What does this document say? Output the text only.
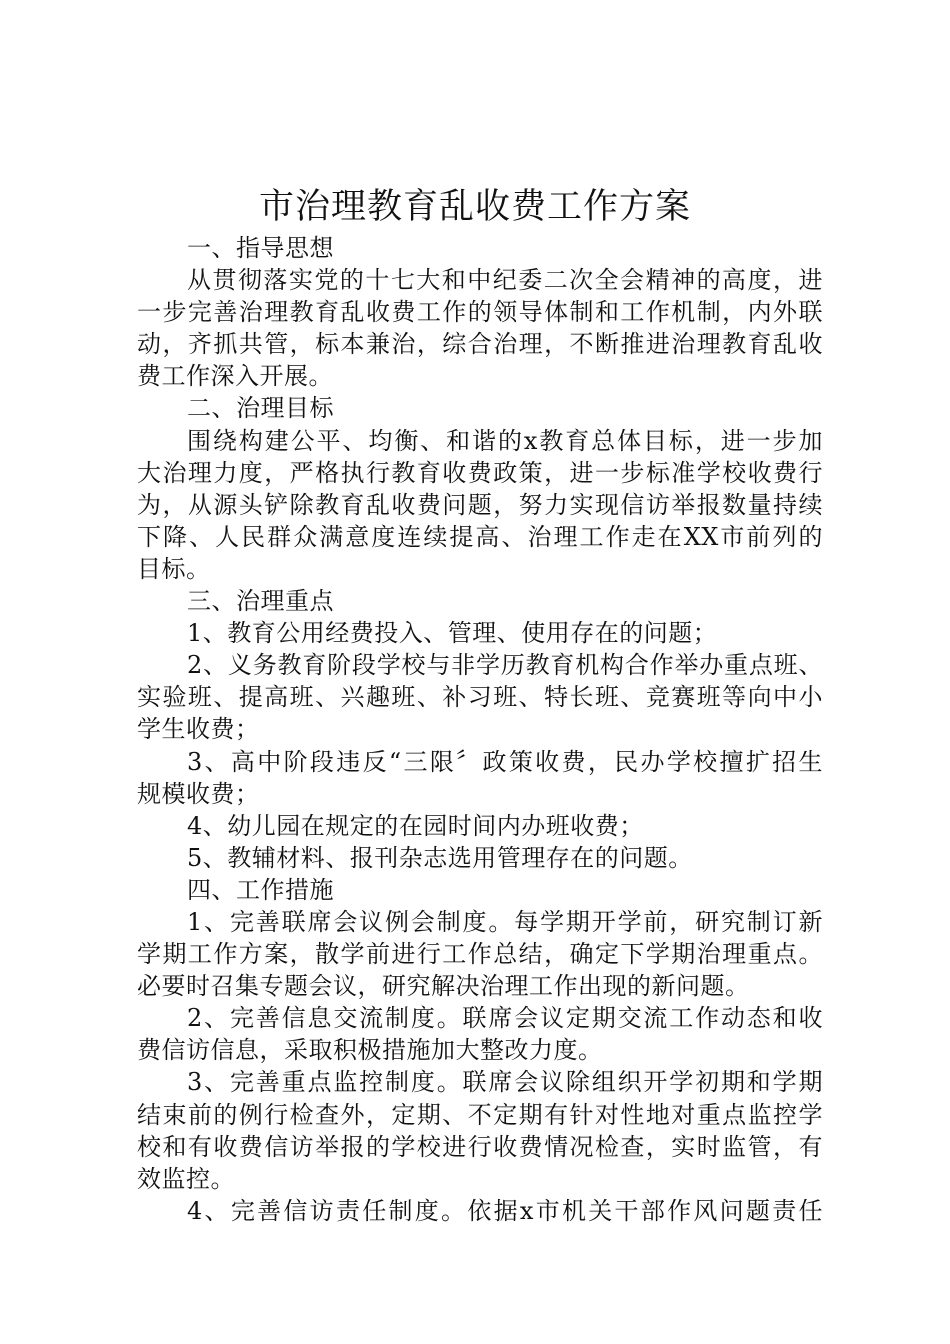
市治理教育乱收费工作方案
一、指导思想
从贯彻落实党的十七大和中纪委二次全会精神的高度，进
一步完善治理教育乱收费工作的领导体制和工作机制，内外联
动，齐抓共管，标本兼治，综合治理，不断推进治理教育乱收
费工作深入开展。
二、治理目标
围绕构建公平、均衡、和谐的x教育总体目标，进一步加
大治理力度，严格执行教育收费政策，进一步标准学校收费行
为，从源头铲除教育乱收费问题，努力实现信访举报数量持续
下降、人民群众满意度连续提高、治理工作走在XX市前列的
目标。
三、治理重点
1、教育公用经费投入、管理、使用存在的问题；
2、义务教育阶段学校与非学历教育机构合作举办重点班、
实验班、提高班、兴趣班、补习班、特长班、竞赛班等向中小
学生收费；
3、高中阶段违反“三限〞政策收费，民办学校擅扩招生
规模收费；
4、幼儿园在规定的在园时间内办班收费；
5、教辅材料、报刊杂志选用管理存在的问题。
四、工作措施
1、完善联席会议例会制度。每学期开学前，研究制订新
学期工作方案，散学前进行工作总结，确定下学期治理重点。
必要时召集专题会议，研究解决治理工作出现的新问题。
2、完善信息交流制度。联席会议定期交流工作动态和收
费信访信息，采取积极措施加大整改力度。
3、完善重点监控制度。联席会议除组织开学初期和学期
结束前的例行检查外，定期、不定期有针对性地对重点监控学
校和有收费信访举报的学校进行收费情况检查，实时监管，有
效监控。
4、完善信访责任制度。依据x市机关干部作风问题责任
